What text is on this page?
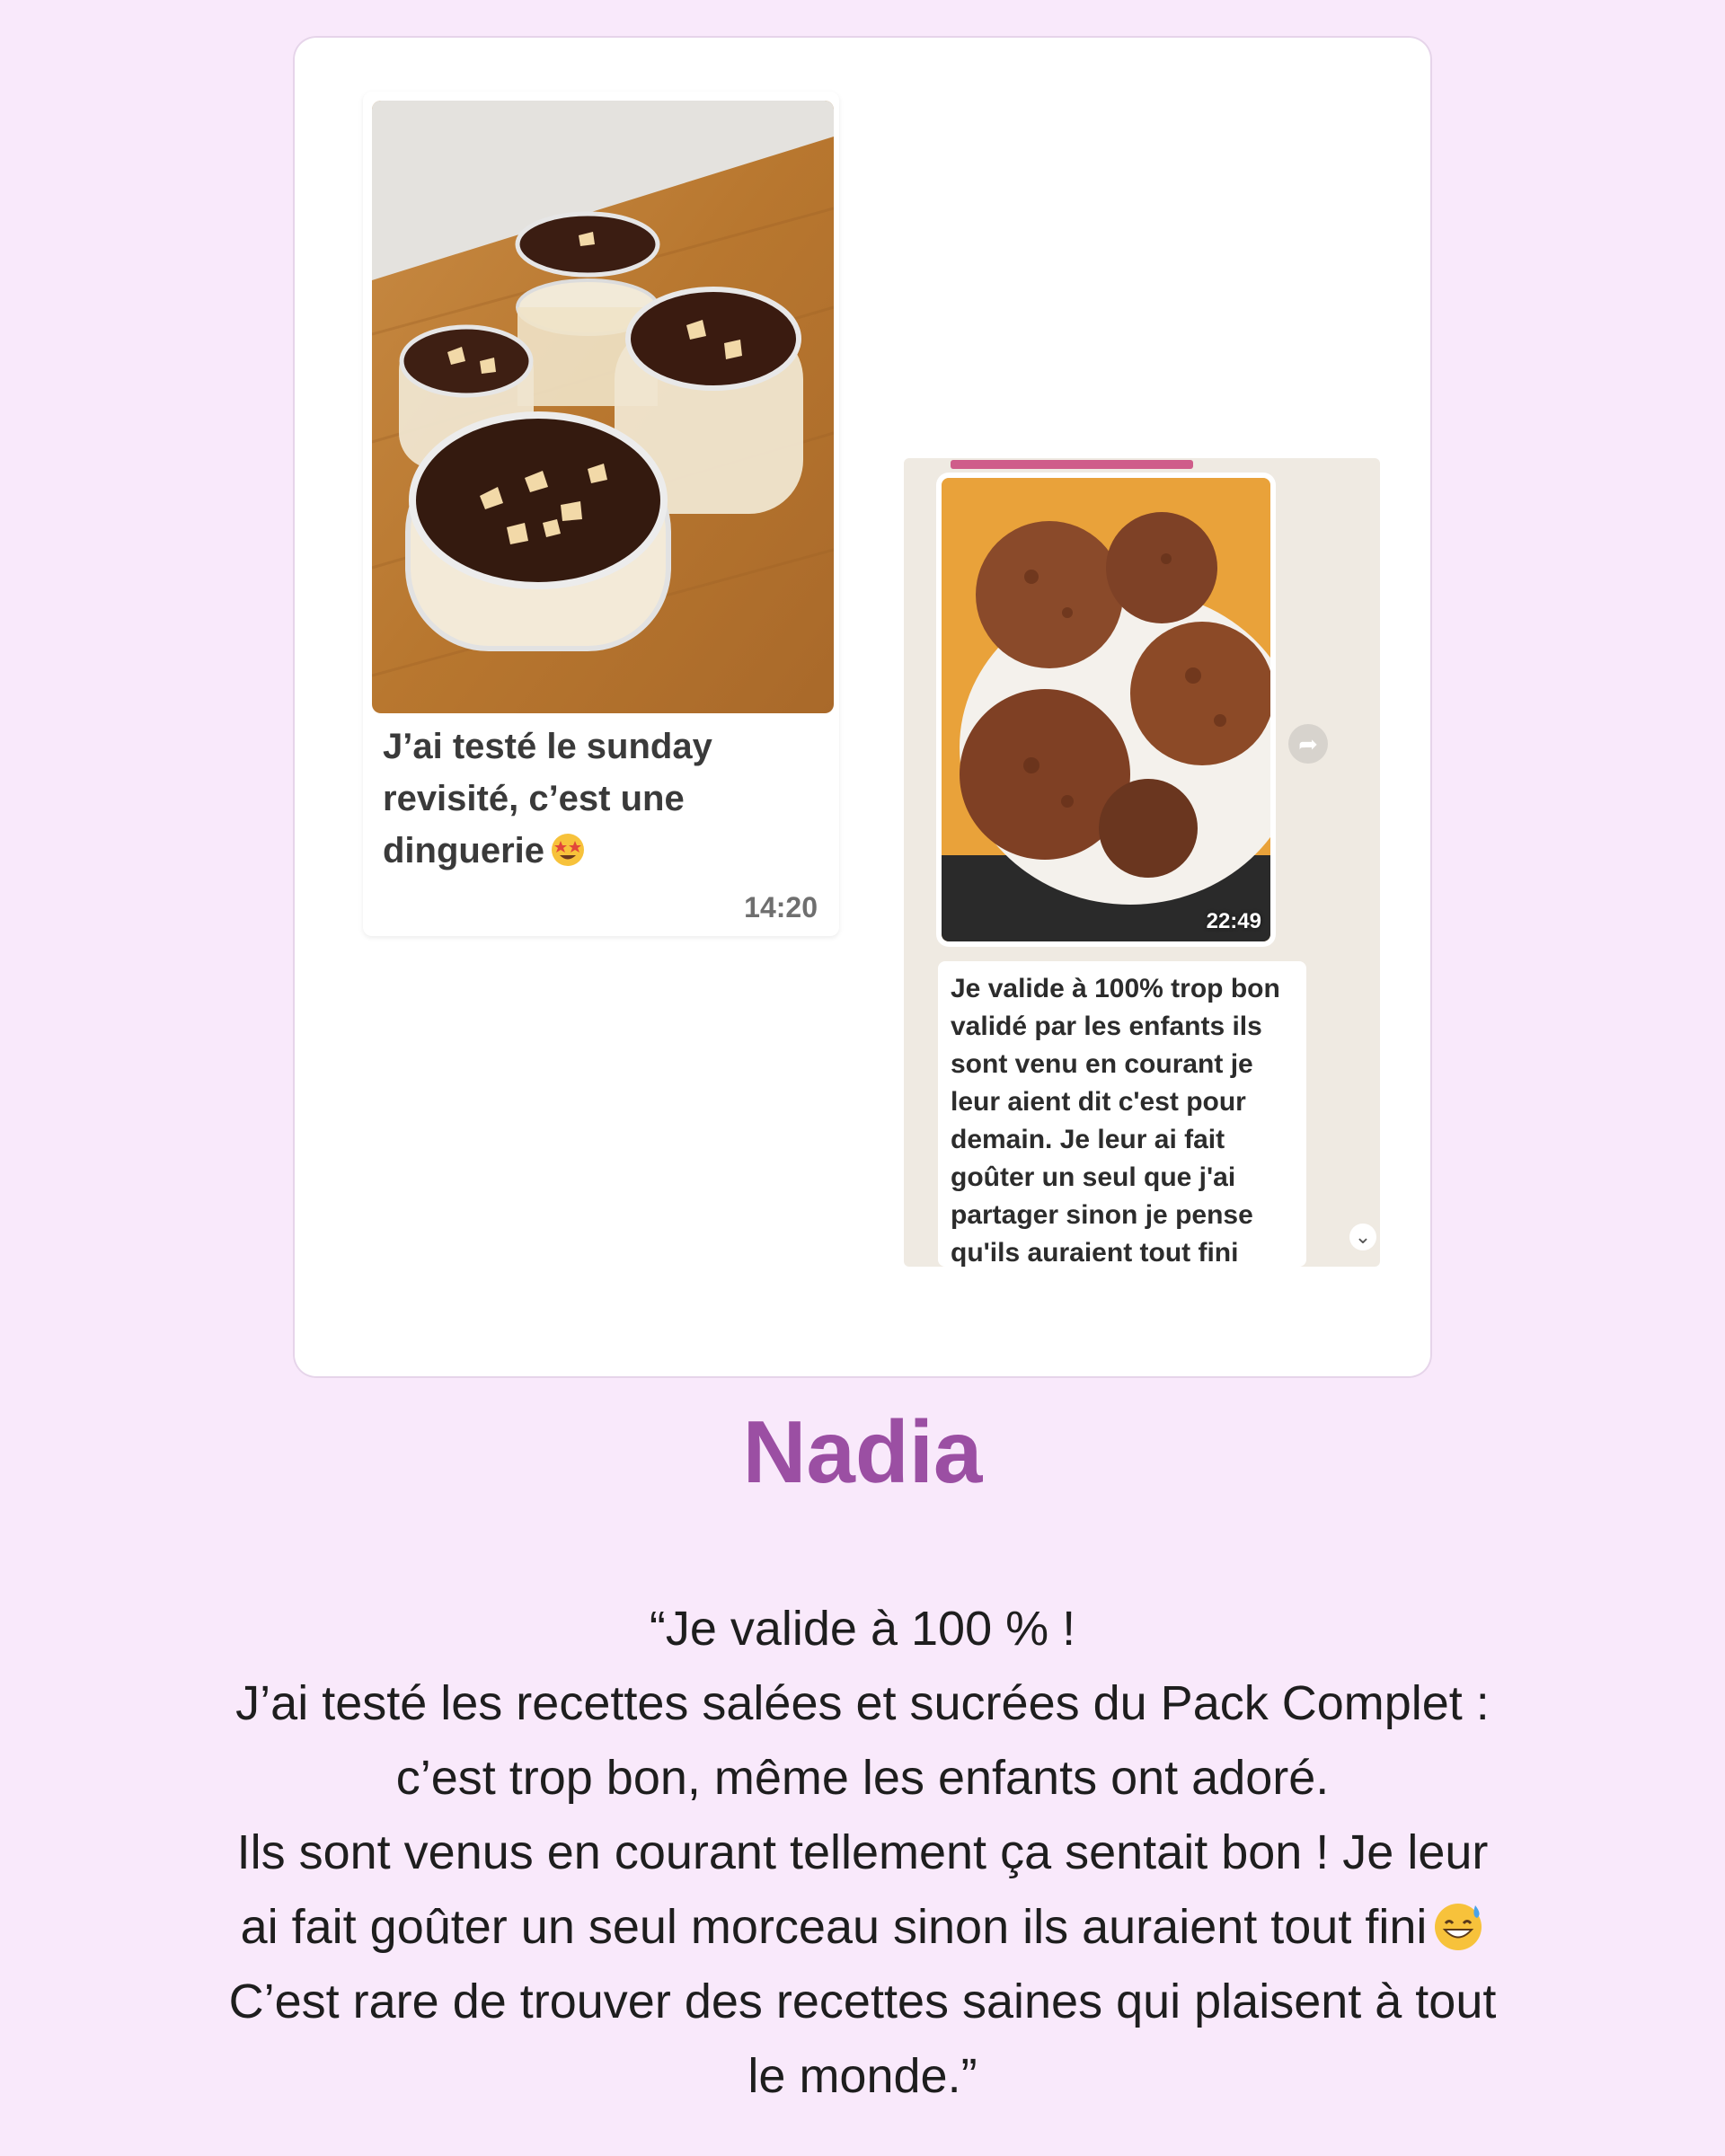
J’ai testé le sunday
revisité, c’est une
dinguerie
14:20	22:49
➦
Je valide à 100% trop bon validé par les enfants ils sont venu en courant je leur aient dit c'est pour demain. Je leur ai fait goûter un seul que j'ai partager sinon je pense qu'ils auraient tout fini
⌄
Nadia
“Je valide à 100 % !
J’ai testé les recettes salées et sucrées du Pack Complet :
c’est trop bon, même les enfants ont adoré.
Ils sont venus en courant tellement ça sentait bon ! Je leur
ai fait goûter un seul morceau sinon ils auraient tout fini
C’est rare de trouver des recettes saines qui plaisent à tout
le monde.”
